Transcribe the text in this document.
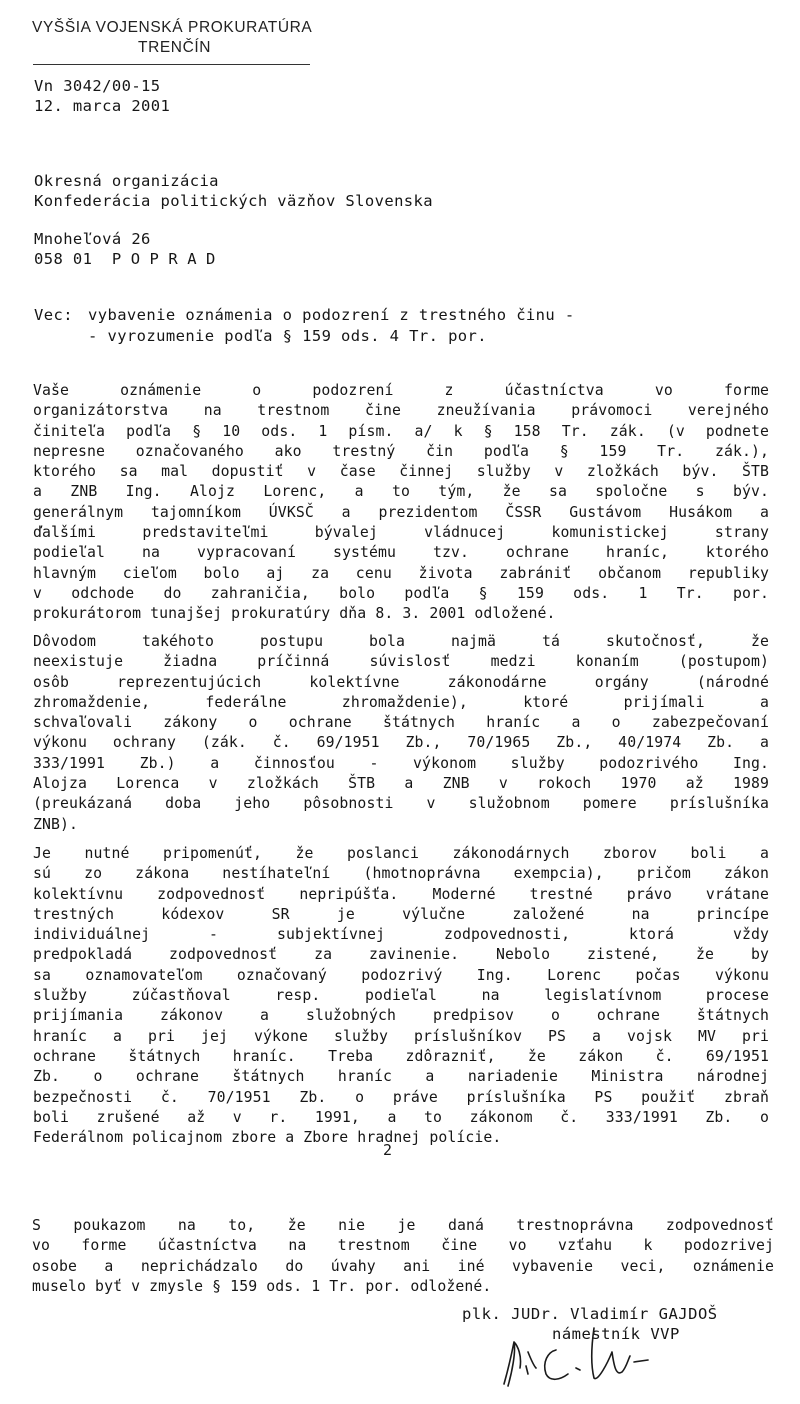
VYŠŠIA VOJENSKÁ PROKURATÚRA
TRENČÍN
Vn 3042/00-15
12. marca 2001
Okresná organizácia
Konfederácia politických väzňov Slovenska
Mnoheľová 26
058 01 POPRAD
Vec: vybavenie oznámenia o podozrení z trestného činu -
- vyrozumenie podľa § 159 ods. 4 Tr. por.
Vaše oznámenie o podozrení z účastníctva vo forme
organizátorstva na trestnom čine zneužívania právomoci verejného
činiteľa podľa § 10 ods. 1 písm. a/ k § 158 Tr. zák. (v podnete
nepresne označovaného ako trestný čin podľa § 159 Tr. zák.),
ktorého sa mal dopustiť v čase činnej služby v zložkách býv. ŠTB
a ZNB Ing. Alojz Lorenc, a to tým, že sa spoločne s býv.
generálnym tajomníkom ÚVKSČ a prezidentom ČSSR Gustávom Husákom a
ďalšími predstaviteľmi bývalej vládnucej komunistickej strany
podieľal na vypracovaní systému tzv. ochrane hraníc, ktorého
hlavným cieľom bolo aj za cenu života zabrániť občanom republiky
v odchode do zahraničia, bolo podľa § 159 ods. 1 Tr. por.
prokurátorom tunajšej prokuratúry dňa 8. 3. 2001 odložené.
Dôvodom takéhoto postupu bola najmä tá skutočnosť, že
neexistuje žiadna príčinná súvislosť medzi konaním (postupom)
osôb reprezentujúcich kolektívne zákonodárne orgány (národné
zhromaždenie, federálne zhromaždenie), ktoré prijímali a
schvaľovali zákony o ochrane štátnych hraníc a o zabezpečovaní
výkonu ochrany (zák. č. 69/1951 Zb., 70/1965 Zb., 40/1974 Zb. a
333/1991 Zb.) a činnosťou - výkonom služby podozrivého Ing.
Alojza Lorenca v zložkách ŠTB a ZNB v rokoch 1970 až 1989
(preukázaná doba jeho pôsobnosti v služobnom pomere príslušníka
ZNB).
Je nutné pripomenúť, že poslanci zákonodárnych zborov boli a
sú zo zákona nestíhateľní (hmotnoprávna exempcia), pričom zákon
kolektívnu zodpovednosť nepripúšťa. Moderné trestné právo vrátane
trestných kódexov SR je výlučne založené na princípe
individuálnej - subjektívnej zodpovednosti, ktorá vždy
predpokladá zodpovednosť za zavinenie. Nebolo zistené, že by
sa oznamovateľom označovaný podozrivý Ing. Lorenc počas výkonu
služby zúčastňoval resp. podieľal na legislatívnom procese
prijímania zákonov a služobných predpisov o ochrane štátnych
hraníc a pri jej výkone služby príslušníkov PS a vojsk MV pri
ochrane štátnych hraníc. Treba zdôrazniť, že zákon č. 69/1951
Zb. o ochrane štátnych hraníc a nariadenie Ministra národnej
bezpečnosti č. 70/1951 Zb. o práve príslušníka PS použiť zbraň
boli zrušené až v r. 1991, a to zákonom č. 333/1991 Zb. o
Federálnom policajnom zbore a Zbore hradnej polície.
2
S poukazom na to, že nie je daná trestnoprávna zodpovednosť
vo forme účastníctva na trestnom čine vo vzťahu k podozrivej
osobe a neprichádzalo do úvahy ani iné vybavenie veci, oznámenie
muselo byť v zmysle § 159 ods. 1 Tr. por. odložené.
plk. JUDr. Vladimír GAJDOŠ
námestník VVP
